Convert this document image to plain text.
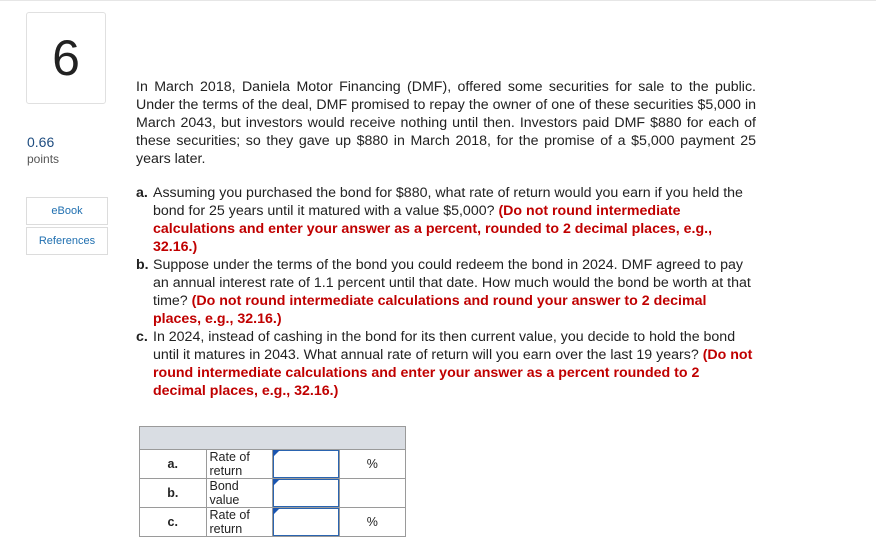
6
0.66
points
eBook
References

In March 2018, Daniela Motor Financing (DMF), offered some securities for sale to the public. Under the terms of the deal, DMF promised to repay the owner of one of these securities $5,000 in March 2043, but investors would receive nothing until then. Investors paid DMF $880 for each of these securities; so they gave up $880 in March 2018, for the promise of a $5,000 payment 25 years later.

a. Assuming you purchased the bond for $880, what rate of return would you earn if you held the bond for 25 years until it matured with a value $5,000? (Do not round intermediate calculations and enter your answer as a percent, rounded to 2 decimal places, e.g., 32.16.)
b. Suppose under the terms of the bond you could redeem the bond in 2024. DMF agreed to pay an annual interest rate of 1.1 percent until that date. How much would the bond be worth at that time? (Do not round intermediate calculations and round your answer to 2 decimal places, e.g., 32.16.)
c. In 2024, instead of cashing in the bond for its then current value, you decide to hold the bond until it matures in 2043. What annual rate of return will you earn over the last 19 years? (Do not round intermediate calculations and enter your answer as a percent rounded to 2 decimal places, e.g., 32.16.)

a.	Rate of return		%
b.	Bond value	

c.	Rate of return		%
